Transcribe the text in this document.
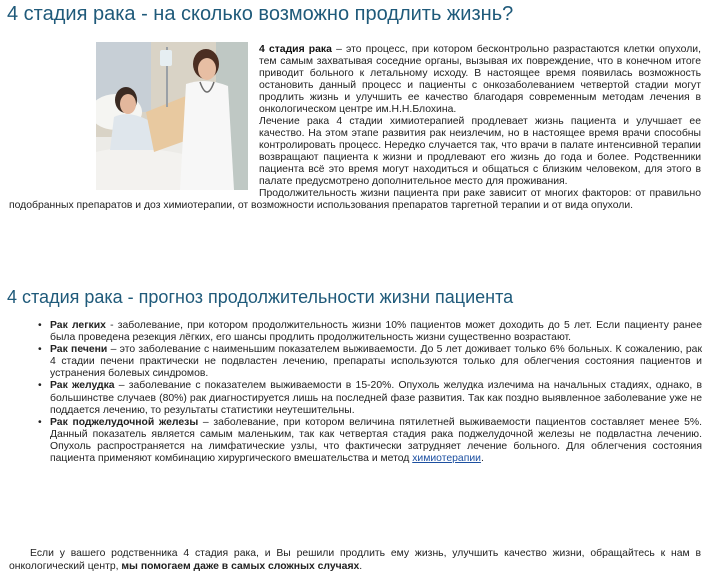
4 стадия рака - на сколько возможно продлить жизнь?

4 стадия рака – это процесс, при котором бесконтрольно разрастаются клетки опухоли, тем самым захватывая соседние органы, вызывая их повреждение, что в конечном итоге приводит больного к летальному исходу. В настоящее время появилась возможность остановить данный процесс и пациенты с онкозаболеванием четвертой стадии могут продлить жизнь и улучшить ее качество благодаря современным методам лечения в онкологическом центре им.Н.Н.Блохина.

Лечение рака 4 стадии химиотерапией продлевает жизнь пациента и улучшает ее качество. На этом этапе развития рак неизлечим, но в настоящее время врачи способны контролировать процесс. Нередко случается так, что врачи в палате интенсивной терапии возвращают пациента к жизни и продлевают его жизнь до года и более. Родственники пациента всё это время могут находиться и общаться с близким человеком, для этого в палате предусмотрено дополнительное место для проживания.

Продолжительность жизни пациента при раке зависит от многих факторов: от правильно подобранных препаратов и доз химиотерапии, от возможности использования препаратов таргетной терапии и от вида опухоли.

4 стадия рака - прогноз продолжительности жизни пациента
• Рак легких - заболевание, при котором продолжительность жизни 10% пациентов может доходить до 5 лет. Если пациенту ранее была проведена резекция лёгких, его шансы продлить продолжительность жизни существенно возрастают.
• Рак печени – это заболевание с наименьшим показателем выживаемости. До 5 лет доживает только 6% больных. К сожалению, рак 4 стадии печени практически не подвластен лечению, препараты используются только для облегчения состояния пациентов и устранения болевых синдромов.
• Рак желудка – заболевание с показателем выживаемости в 15-20%. Опухоль желудка излечима на начальных стадиях, однако, в большинстве случаев (80%) рак диагностируется лишь на последней фазе развития. Так как поздно выявленное заболевание уже не поддается лечению, то результаты статистики неутешительны.
• Рак поджелудочной железы – заболевание, при котором величина пятилетней выживаемости пациентов составляет менее 5%. Данный показатель является самым маленьким, так как четвертая стадия рака поджелудочной железы не подвластна лечению. Опухоль распространяется на лимфатические узлы, что фактически затрудняет лечение больного. Для облегчения состояния пациента применяют комбинацию хирургического вмешательства и метод химиотерапии.

Если у вашего родственника 4 стадия рака, и Вы решили продлить ему жизнь, улучшить качество жизни, обращайтесь к нам в онкологический центр, мы помогаем даже в самых сложных случаях.
